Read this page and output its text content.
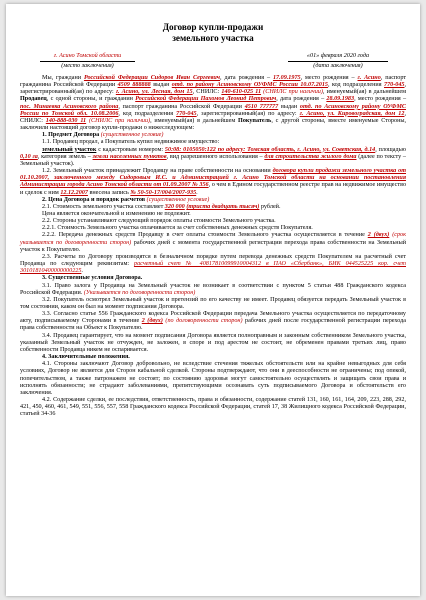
Договор купли-продажи
земельного участка
г. Асино Томской области
(место заключения)
«01» февраля 2020 года
(дата заключения)

Мы, граждани Российской Федерации Сидоров Иван Сергеевич, дата рождения – 17.09.1975, место рождения – г. Асино, паспорт гражданина Российской Федерации 4509 888888 выдан отд. по району Асиновскому ОУФМС России 10.07.2015, код подразделения 770-045, зарегистрированный(ая) по адресу: г. Асино, ул. Лесная, дом 15, СНИЛС: 140-610-025 11 (СНИЛС при наличии), именуемый(ая) в дальнейшем Продавец, с одной стороны, и гражданин Российской Федерации Пахомов Леонид Петрович, дата рождения – 28.09.1983, место рождения – пос. Минаевка Асиновского района, паспорт гражданина Российской Федерации 4510 777777 выдан отд. по Асиновскому району ОУФМС России по Томской обл. 10.08.2006, код подразделения 770-045, зарегистрированный(ая) по адресу: г. Асино, ул. Кировоградская, дом 12, СНИЛС: 140-888-030 11 (СНИЛС при наличии), именуемый(ая) в дальнейшем Покупатель, с другой стороны, вместе именуемые Стороны, заключили настоящий договор купли-продажи о нижеследующем:

1. Предмет Договора (существенное условие)

1.1. Продавец продал, а Покупатель купил недвижимое имущество:

земельный участок с кадастровым номером: 50:08: 0105050:122 по адресу: Томская область, г. Асино, ул. Советская, д.14, площадью 0,10 га, категория земель – земли населенных пунктов, вид разрешенного использования – для строительства жилого дома (далее по тексту – Земельный участок).

1.2. Земельный участок принадлежит Продавцу на праве собственности на основании договора купли продажи земельного участка от 01.10.2007, заключенного между Сидоровым И.С. и Администрацией г. Асино Томской области на основании постановления Администрации города Асино Томской области от 01.09.2007 № 356, о чем в Едином государственном реестре прав на недвижимое имущество и сделок с ним 12.12.2007 внесена запись № 50-50-17/004/2007-935.

2. Цена Договора и порядок расчетов (существенное условие)

2.1. Стоимость земельного участка составляет 320 000 (триста двадцать тысяч) рублей.

Цена является окончательной и изменению не подлежит.

2.2. Стороны устанавливают следующий порядок оплаты стоимости Земельного участка.

2.2.1. Стоимость Земельного участка оплачивается за счет собственных денежных средств Покупателя.

2.2.2. Передача денежных средств Продавцу в счет оплаты стоимости Земельного участка осуществляется в течение 2 (двух) (срок указывается по договоренности сторон) рабочих дней с момента государственной регистрации перехода права собственности на Земельный участок к Покупателю.

2.3. Расчеты по Договору производятся в безналичном порядке путем перевода денежных средств Покупателем на расчетный счет Продавца по следующим реквизитам: расчетный счет № 40817810099910004312 в ПАО «Сбербанк», БИК 044525225 кор. счет 30101810400000000225.

3. Существенные условия Договора.

3.1. Право залога у Продавца на Земельный участок не возникает в соответствии с пунктом 5 статьи 488 Гражданского кодекса Российской Федерации. (Указывается по договоренности сторон)

3.2. Покупатель осмотрел Земельный участок и претензий по его качеству не имеет. Продавец обязуется передать Земельный участок в том состоянии, каком он был на момент подписания Договора.

3.3. Согласно статье 556 Гражданского кодекса Российской Федерации передача Земельного участка осуществляется по передаточному акту, подписываемому Сторонами в течение 2 (двух) (по договоренности сторон) рабочих дней после государственной регистрации перехода права собственности на Объект к Покупателю.

3.4. Продавец гарантирует, что на момент подписания Договора является полноправным и законным собственником Земельного участка, указанный Земельный участок не отчужден, не заложен, в споре и под арестом не состоит, не обременен правами третьих лиц, право собственности Продавца никем не оспаривается.

4. Заключительные положения.

4.1. Стороны заключают Договор добровольно, не вследствие стечения тяжелых обстоятельств или на крайне невыгодных для себя условиях, Договор не является для Сторон кабальной сделкой. Стороны подтверждают, что они в дееспособности не ограничены; под опекой, попечительством, а также патронажем не состоят; по состоянию здоровья могут самостоятельно осуществлять и защищать свои права и исполнять обязанности; не страдают заболеваниями, препятствующими осознавать суть подписываемого Договора и обстоятельств его заключения.

4.2. Содержание сделки, ее последствия, ответственность, права и обязанности, содержание статей 131, 160, 161, 164, 209, 223, 288, 292, 421, 450, 460, 461, 549, 551, 556, 557, 558 Гражданского кодекса Российской Федерации, статей 17, 38 Жилищного кодекса Российской Федерации, статьей 34-36
